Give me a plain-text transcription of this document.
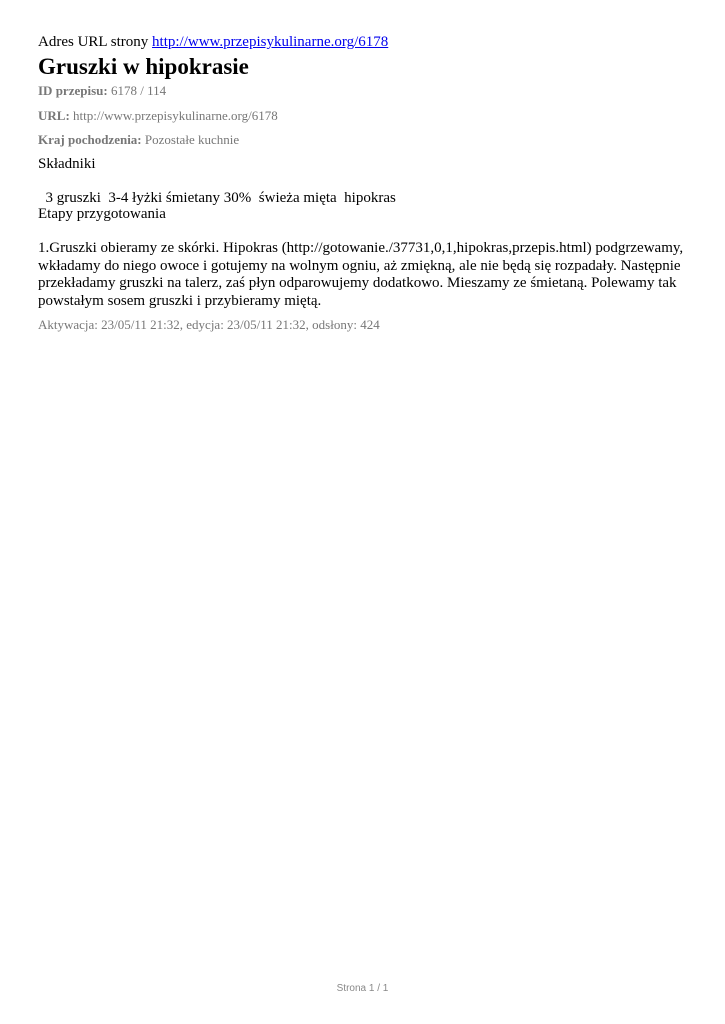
Adres URL strony http://www.przepisykulinarne.org/6178
Gruszki w hipokrasie
ID przepisu: 6178 / 114
URL: http://www.przepisykulinarne.org/6178
Kraj pochodzenia: Pozostałe kuchnie
Składniki
3 gruszki  3-4 łyżki śmietany 30%  świeża mięta  hipokras
Etapy przygotowania
1.Gruszki obieramy ze skórki. Hipokras (http://gotowanie./37731,0,1,hipokras,przepis.html) podgrzewamy, wkładamy do niego owoce i gotujemy na wolnym ogniu, aż zmiękną, ale nie będą się rozpadały. Następnie przekładamy gruszki na talerz, zaś płyn odparowujemy dodatkowo. Mieszamy ze śmietaną. Polewamy tak powstałym sosem gruszki i przybieramy miętą.
Aktywacja: 23/05/11 21:32, edycja: 23/05/11 21:32, odsłony: 424
Strona 1 / 1
